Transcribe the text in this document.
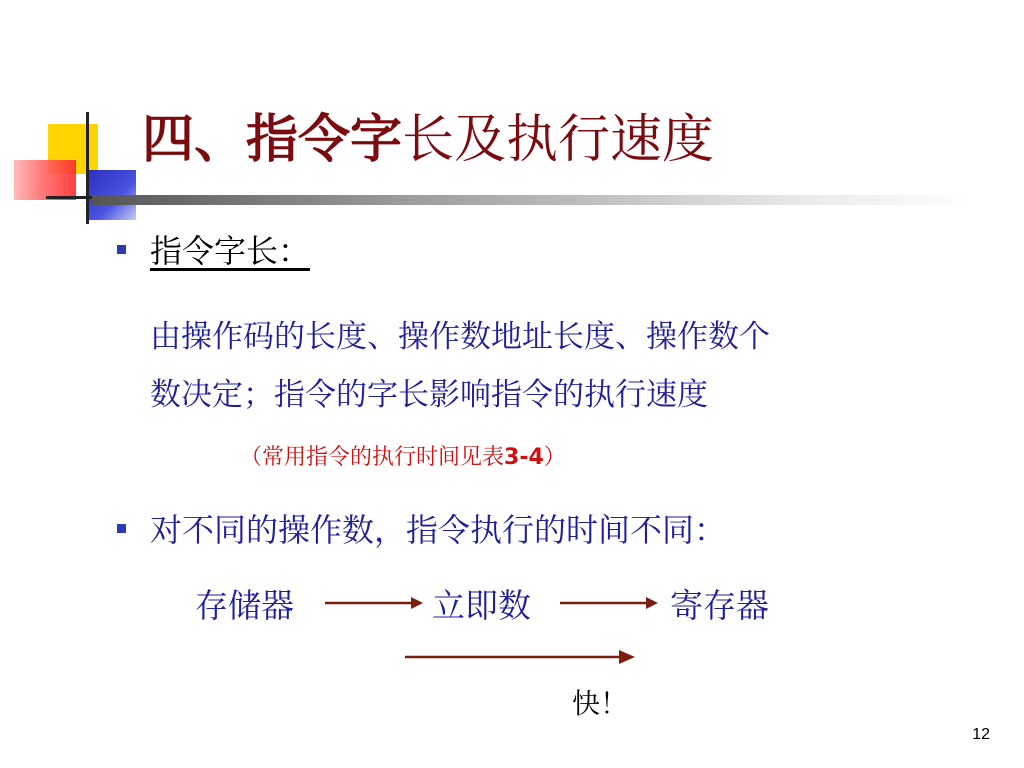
四、指令字长及执行速度
指令字长：
由操作码的长度、操作数地址长度、操作数个
数决定；指令的字长影响指令的执行速度
（常用指令的执行时间见表3-4）
对不同的操作数，指令执行的时间不同：
存储器	立即数	寄存器
快！
12
